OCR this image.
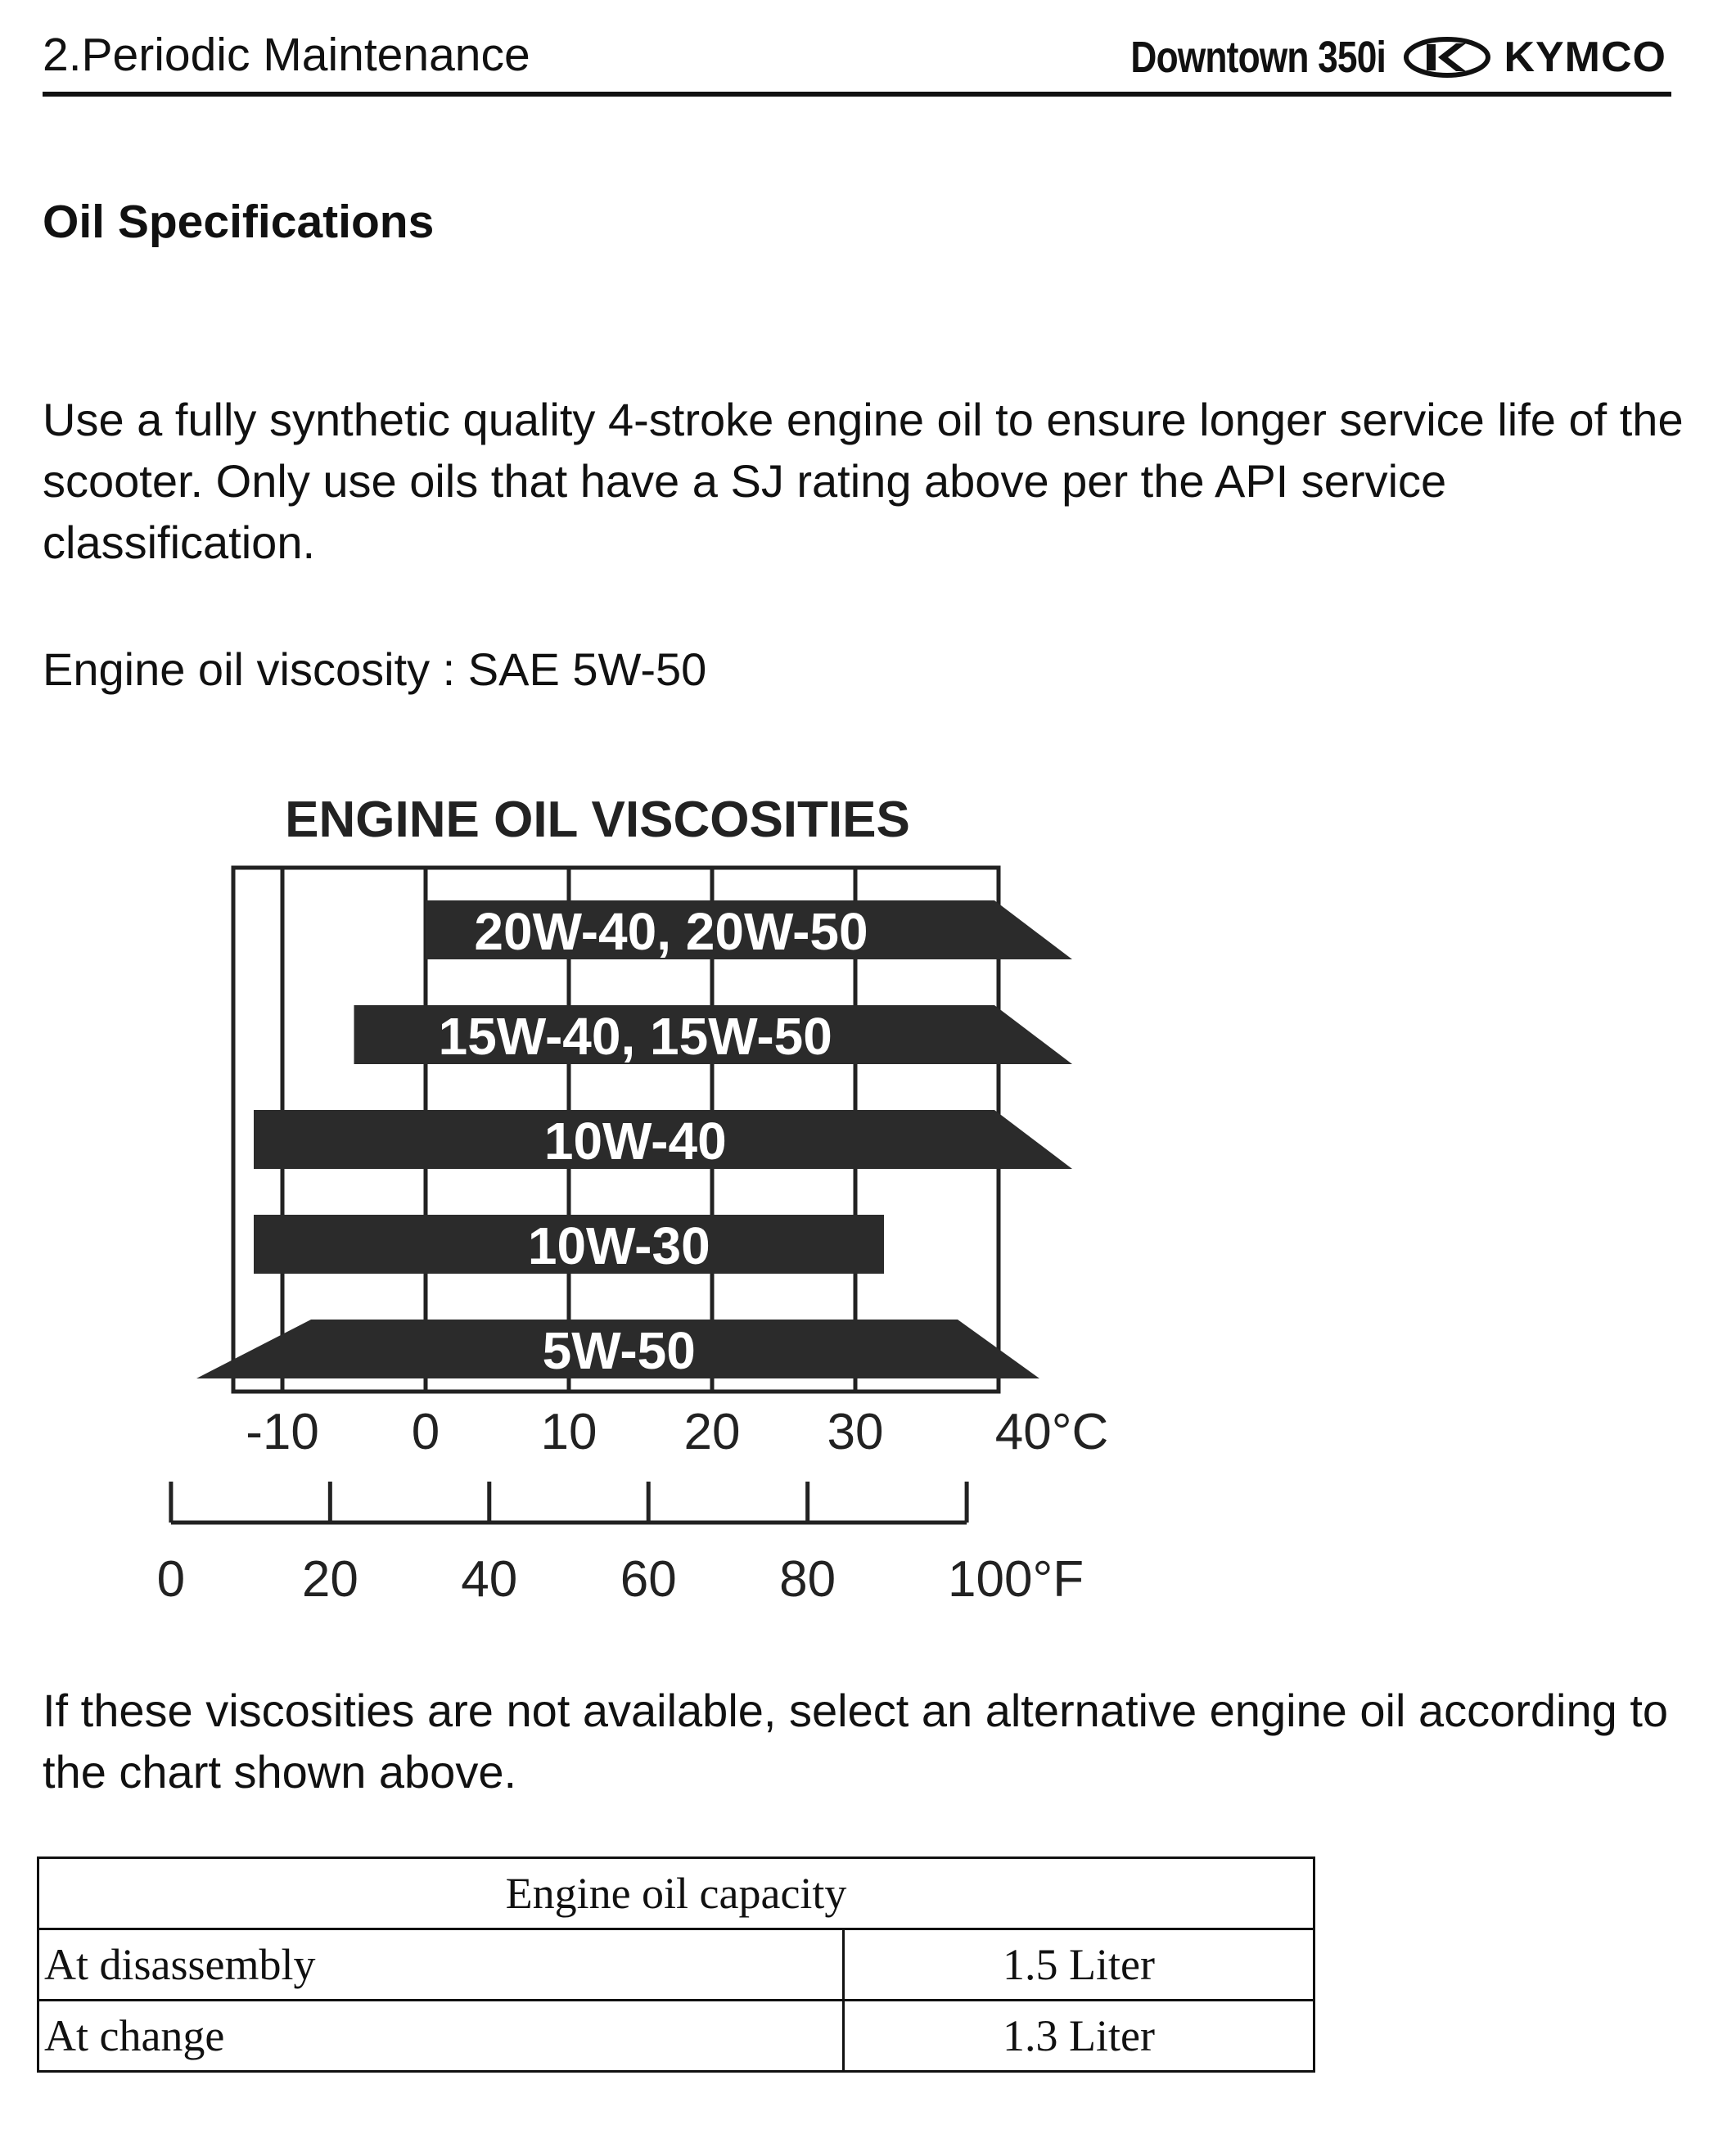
2.Periodic Maintenance	Downtown 350i	KYMCO
Oil Specifications
Use a fully synthetic quality 4-stroke engine oil to ensure longer service life of the scooter. Only use oils that have a SJ rating above per the API service classification.
Engine oil viscosity : SAE 5W-50
ENGINE OIL VISCOSITIES
20W-40, 20W-50
15W-40, 15W-50
10W-40
10W-30
5W-50
-10 0 10 20 30 40°C
0 20 40 60 80 100°F
If these viscosities are not available, select an alternative engine oil according to the chart shown above.
Engine oil capacity	
At disassembly	1.5 Liter
At change	1.3 Liter
